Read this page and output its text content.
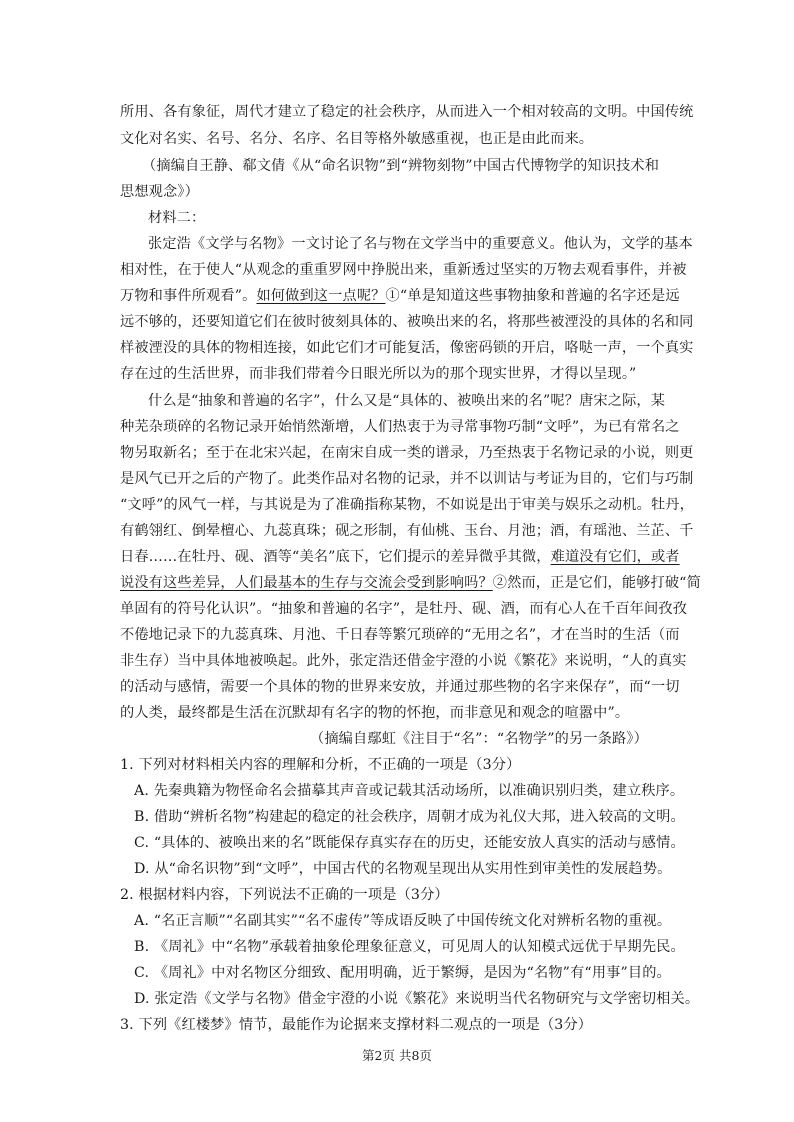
所用、各有象征，周代才建立了稳定的社会秩序，从而进入一个相对较高的文明。中国传统
文化对名实、名号、名分、名序、名目等格外敏感重视，也正是由此而来。
（摘编自王静、郗文倩《从“命名识物”到“辨物刻物”中国古代博物学的知识技术和
思想观念》）
材料二：
张定浩《文学与名物》一文讨论了名与物在文学当中的重要意义。他认为，文学的基本
相对性，在于使人“从观念的重重罗网中挣脱出来，重新透过坚实的万物去观看事件，并被
万物和事件所观看”。如何做到这一点呢？①“单是知道这些事物抽象和普遍的名字还是远
远不够的，还要知道它们在彼时彼刻具体的、被唤出来的名，将那些被湮没的具体的名和同
样被湮没的具体的物相连接，如此它们才可能复活，像密码锁的开启，咯哒一声，一个真实
存在过的生活世界，而非我们带着今日眼光所以为的那个现实世界，才得以呈现。”
什么是“抽象和普遍的名字”，什么又是“具体的、被唤出来的名”呢？唐宋之际，某
种芜杂琐碎的名物记录开始悄然渐增，人们热衷于为寻常事物巧制“文呼”，为已有常名之
物另取新名；至于在北宋兴起，在南宋自成一类的谱录，乃至热衷于名物记录的小说，则更
是风气已开之后的产物了。此类作品对名物的记录，并不以训诂与考证为目的，它们与巧制
“文呼”的风气一样，与其说是为了准确指称某物，不如说是出于审美与娱乐之动机。牡丹，
有鹤翎红、倒晕檀心、九蕊真珠；砚之形制，有仙桃、玉台、月池；酒，有瑶池、兰芷、千
日春……在牡丹、砚、酒等“美名”底下，它们提示的差异微乎其微，难道没有它们，或者
说没有这些差异，人们最基本的生存与交流会受到影响吗？②然而，正是它们，能够打破“简
单固有的符号化认识”。“抽象和普遍的名字”，是牡丹、砚、酒，而有心人在千百年间孜孜
不倦地记录下的九蕊真珠、月池、千日春等繁冗琐碎的“无用之名”，才在当时的生活（而
非生存）当中具体地被唤起。此外，张定浩还借金宇澄的小说《繁花》来说明，“人的真实
的活动与感情，需要一个具体的物的世界来安放，并通过那些物的名字来保存”，而“一切
的人类，最终都是生活在沉默却有名字的物的怀抱，而非意见和观念的喧嚣中”。
（摘编自鄢虹《注目于“名”：“名物学”的另一条路》）
1. 下列对材料相关内容的理解和分析，不正确的一项是（3分）
A. 先秦典籍为物怪命名会描摹其声音或记载其活动场所，以准确识别归类，建立秩序。
B. 借助“辨析名物”构建起的稳定的社会秩序，周朝才成为礼仪大邦，进入较高的文明。
C. “具体的、被唤出来的名”既能保存真实存在的历史，还能安放人真实的活动与感情。
D. 从“命名识物”到“文呼”，中国古代的名物观呈现出从实用性到审美性的发展趋势。
2. 根据材料内容，下列说法不正确的一项是（3分）
A. “名正言顺”“名副其实”“名不虚传”等成语反映了中国传统文化对辨析名物的重视。
B. 《周礼》中“名物”承载着抽象伦理象征意义，可见周人的认知模式远优于早期先民。
C. 《周礼》中对名物区分细致、配用明确，近于繁缛，是因为“名物”有“用事”目的。
D. 张定浩《文学与名物》借金宇澄的小说《繁花》来说明当代名物研究与文学密切相关。
3. 下列《红楼梦》情节，最能作为论据来支撑材料二观点的一项是（3分）
第2页 共8页
